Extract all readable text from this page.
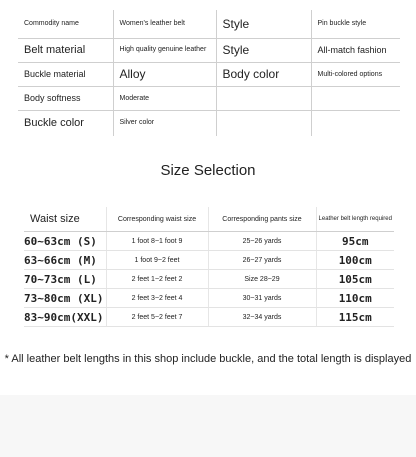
Commodity name	Women's leather belt	Style	Pin buckle style
Belt material	High quality genuine leather	Style	All-match fashion
Buckle material	Alloy	Body color	Multi-colored options
Body softness	Moderate		
Buckle color	Silver color		
Size Selection
Waist size	Corresponding waist size	Corresponding pants size	Leather belt length required
60~63cm (S)	1 foot 8~1 foot 9	25~26 yards	95cm
63~66cm (M)	1 foot 9~2 feet	26~27 yards	100cm
70~73cm (L)	2 feet 1~2 feet 2	Size 28~29	105cm
73~80cm (XL)	2 feet 3~2 feet 4	30~31 yards	110cm
83~90cm(XXL)	2 feet 5~2 feet 7	32~34 yards	115cm
* All leather belt lengths in this shop include buckle, and the total length is displayed
